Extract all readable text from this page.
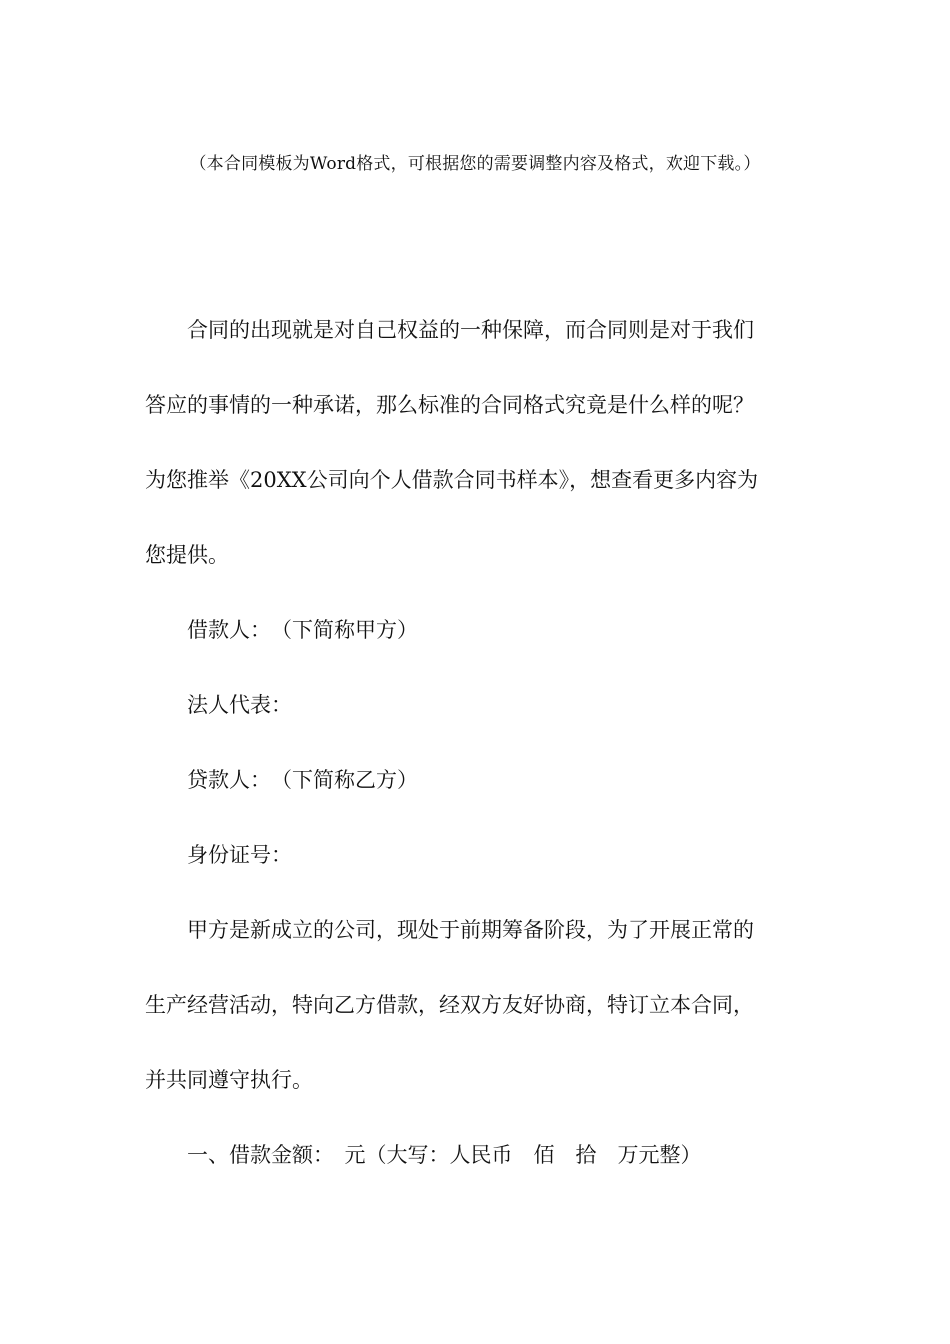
（本合同模板为Word格式，可根据您的需要调整内容及格式，欢迎下载。）

合同的出现就是对自己权益的一种保障，而合同则是对于我们

答应的事情的一种承诺，那么标准的合同格式究竟是什么样的呢？

为您推举《20XX公司向个人借款合同书样本》，想查看更多内容为

您提供。

借款人：　（下简称甲方）

法人代表：

贷款人：　（下简称乙方）

身份证号：

甲方是新成立的公司，现处于前期筹备阶段，为了开展正常的

生产经营活动，特向乙方借款，经双方友好协商，特订立本合同，

并共同遵守执行。

一、借款金额：　元（大写：人民币　佰　拾　万元整）
